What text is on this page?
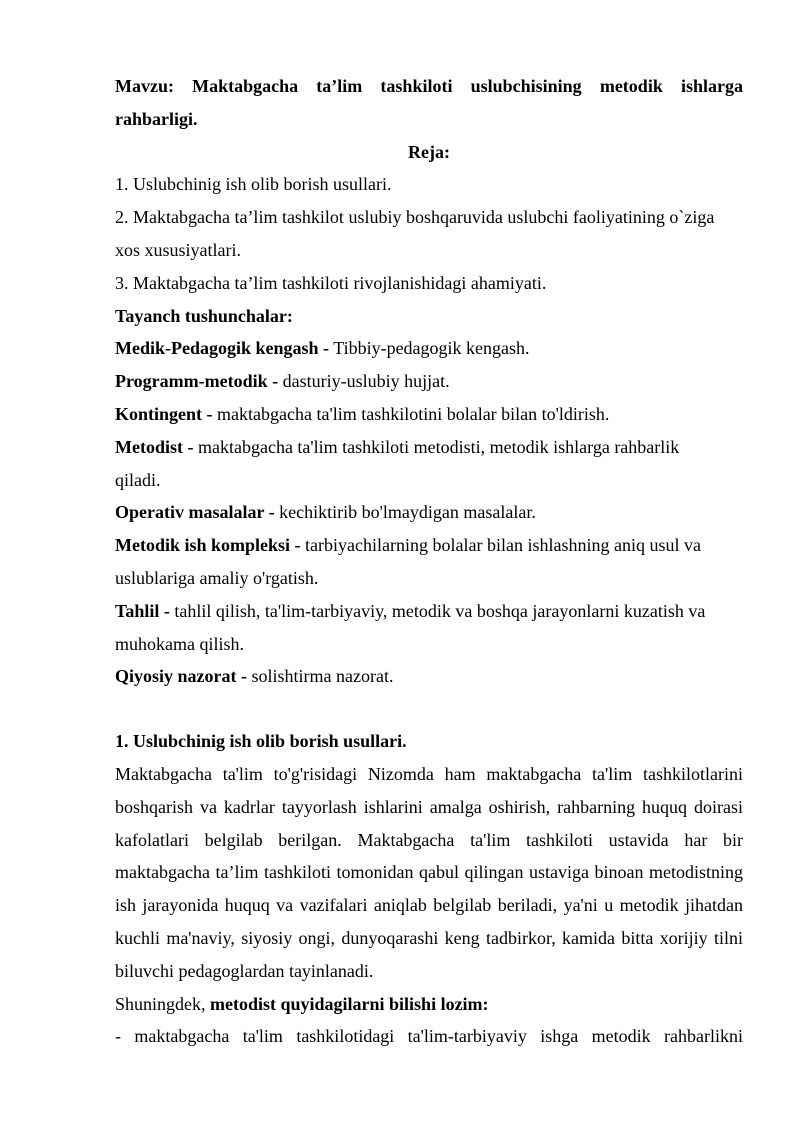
Mavzu: Maktabgacha ta’lim tashkiloti uslubchisining metodik ishlarga rahbarligi.

Reja:

1. Uslubchinig ish olib borish usullari.

2. Maktabgacha ta’lim tashkilot uslubiy boshqaruvida uslubchi faoliyatining o`ziga xos xususiyatlari.

3. Maktabgacha ta’lim tashkiloti rivojlanishidagi ahamiyati.

Tayanch tushunchalar:

Medik-Pedagogik kengash - Tibbiy-pedagogik kengash.

Programm-metodik - dasturiy-uslubiy hujjat.

Kontingent - maktabgacha ta'lim tashkilotini bolalar bilan to'ldirish.

Metodist - maktabgacha ta'lim tashkiloti metodisti, metodik ishlarga rahbarlik qiladi.

Operativ masalalar - kechiktirib bo'lmaydigan masalalar.

Metodik ish kompleksi - tarbiyachilarning bolalar bilan ishlashning aniq usul va uslublariga amaliy o'rgatish.

Tahlil - tahlil qilish, ta'lim-tarbiyaviy, metodik va boshqa jarayonlarni kuzatish va muhokama qilish.

Qiyosiy nazorat - solishtirma nazorat.

1. Uslubchinig ish olib borish usullari.

Maktabgacha ta'lim to'g'risidagi Nizomda ham maktabgacha ta'lim tashkilotlarini boshqarish va kadrlar tayyorlash ishlarini amalga oshirish, rahbarning huquq doirasi kafolatlari belgilab berilgan. Maktabgacha ta'lim tashkiloti ustavida har bir maktabgacha ta’lim tashkiloti tomonidan qabul qilingan ustaviga binoan metodistning ish jarayonida huquq va vazifalari aniqlab belgilab beriladi, ya'ni u metodik jihatdan kuchli ma'naviy, siyosiy ongi, dunyoqarashi keng tadbirkor, kamida bitta xorijiy tilni biluvchi pedagoglardan tayinlanadi.

Shuningdek, metodist quyidagilarni bilishi lozim:

- maktabgacha ta'lim tashkilotidagi ta'lim-tarbiyaviy ishga metodik rahbarlikni
